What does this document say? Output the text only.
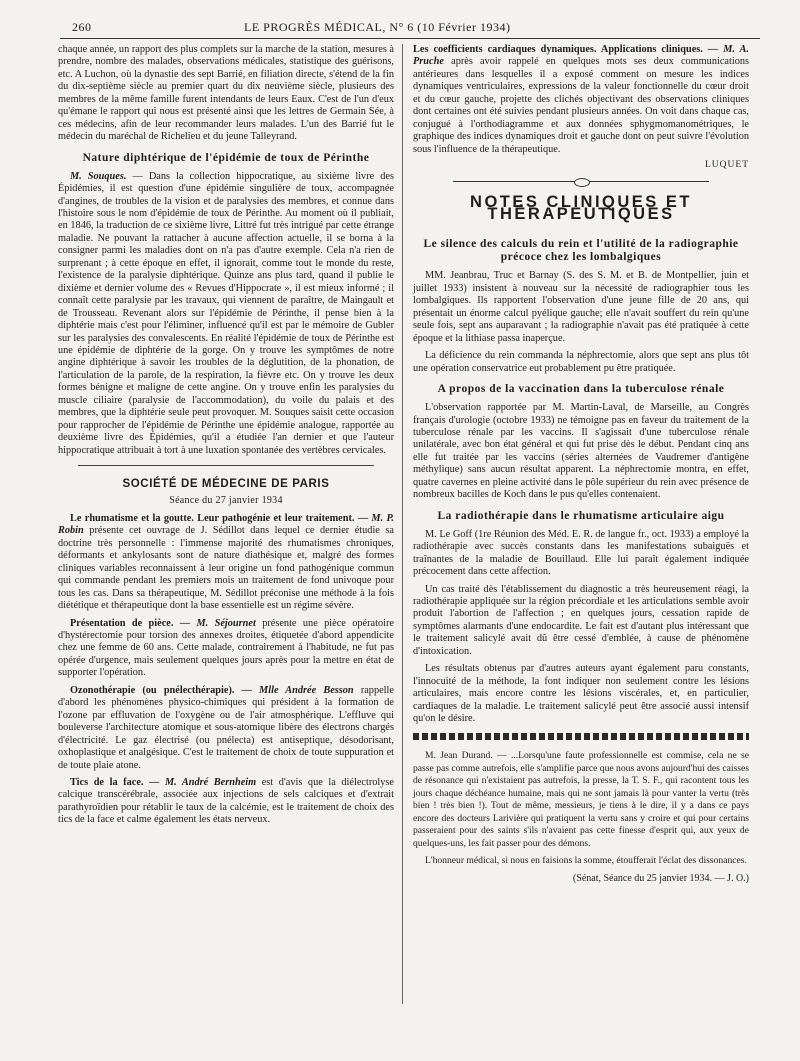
260	LE PROGRÈS MÉDICAL, N° 6 (10 Février 1934)

chaque année, un rapport des plus complets sur la marche de la station, mesures à prendre, nombre des malades, observations médicales, statistique des guérisons, etc. A Luchon, où la dynastie des sept Barrié, en filiation directe, s'étend de la fin du dix-septième siècle au premier quart du dix neuvième siècle, plusieurs des membres de la même famille furent intendants de leurs Eaux. C'est de l'un d'eux qu'émane le rapport qui nous est présenté ainsi que les lettres de Germain Sée, à ces médecins, afin de leur recommander leurs malades. L'un des Barrié fut le médecin du maréchal de Richelieu et du jeune Talleyrand.

Nature diphtérique de l'épidémie de toux de Périnthe

M. Souques. — Dans la collection hippocratique, au sixième livre des Épidémies, il est question d'une épidémie singulière de toux, accompagnée d'angines, de troubles de la vision et de paralysies des membres, et connue dans l'histoire sous le nom d'épidémie de toux de Périnthe. Au moment où il publiait, en 1846, la traduction de ce sixième livre, Littré fut très intrigué par cette étrange maladie. Ne pouvant la rattacher à aucune affection actuelle, il se borna à la consigner parmi les maladies dont on n'a pas d'autre exemple. Cela n'a rien de surprenant ; à cette époque en effet, il ignorait, comme tout le monde du reste, l'existence de la paralysie diphtérique. Quinze ans plus tard, quand il publie le dixième et dernier volume des « Revues d'Hippocrate », il est mieux informé ; il connaît cette paralysie par les travaux, qui viennent de paraître, de Maingault et de Trousseau. Revenant alors sur l'épidémie de Périnthe, il pense bien à la diphtérie mais c'est pour l'éliminer, influencé qu'il est par le mémoire de Gubler sur les paralysies des convalescents. En réalité l'épidémie de toux de Périnthe est une épidémie de diphtérie de la gorge. On y trouve les symptômes de notre angine diphtérique à savoir les troubles de la déglutition, de la phonation, de l'articulation de la parole, de la respiration, la fièvre etc. On y trouve les deux formes bénigne et maligne de cette angine. On y trouve enfin les paralysies du muscle ciliaire (paralysie de l'accommodation), du voile du palais et des membres, que la diphtérie seule peut provoquer. M. Souques saisit cette occasion pour rapprocher de l'épidémie de Périnthe une épidémie analogue, rapportée au deuxième livre des Épidémies, qu'il a étudiée l'an dernier et que l'auteur hippocratique attribuait à tort à une luxation spontanée des vertèbres cervicales.

SOCIÉTÉ DE MÉDECINE DE PARIS
Séance du 27 janvier 1934

Le rhumatisme et la goutte. Leur pathogénie et leur traitement. — M. P. Robin présente cet ouvrage de J. Sédillot dans lequel ce dernier étudie sa doctrine très personnelle : l'immense majorité des rhumatismes chroniques, déformants et ankylosants sont de nature diathésique et, malgré des formes cliniques variables reconnaissent à leur origine un fond pathogénique commun qui commande pendant les premiers mois un traitement de fond univoque pour tous les cas. Dans sa thérapeutique, M. Sédillot préconise une méthode à la fois diététique et thérapeutique dont la base essentielle est un régime sévère.

Présentation de pièce. — M. Séjournet présente une pièce opératoire d'hystérectomie pour torsion des annexes droites, étiquetée d'abord appendicite chez une femme de 60 ans. Cette malade, contrairement à l'habitude, ne fut pas opérée d'urgence, mais seulement quelques jours après pour la mettre en état de supporter l'opération.

Ozonothérapie (ou pnélecthérapie). — Mlle Andrée Besson rappelle d'abord les phénomènes physico-chimiques qui président à la formation de l'ozone par effluvation de l'oxygène ou de l'air atmosphérique. L'effluve qui bouleverse l'architecture atomique et sous-atomique libère des électrons chargés d'électricité. Le gaz électrisé (ou pnélecta) est antiseptique, désodorisant, oxhoplastique et analgésique. C'est le traitement de choix de toute suppuration et de toute plaie atone.

Tics de la face. — M. André Bernheim est d'avis que la diélectrolyse calcique transcérébrale, associée aux injections de sels calciques et d'extrait parathyroïdien pour rétablir le taux de la calcémie, est le traitement de choix des tics de la face et calme également les états nerveux.

Les coefficients cardiaques dynamiques. Applications cliniques. — M. A. Pruche après avoir rappelé en quelques mots ses deux communications antérieures dans lesquelles il a exposé comment on mesure les indices dynamiques ventriculaires, expressions de la valeur fonctionnelle du cœur droit et du cœur gauche, projette des clichés objectivant des observations cliniques dont certaines ont été suivies pendant plusieurs années. On voit dans chaque cas, conjugué à l'orthodiagramme et aux données sphygmomanométriques, le graphique des indices dynamiques droit et gauche dont on peut suivre l'évolution sous l'influence de la thérapeutique.

LUQUET
NOTES CLINIQUES ET THÉRAPEUTIQUES
Le silence des calculs du rein et l'utilité de la radiographie précoce chez les lombalgiques

MM. Jeanbrau, Truc et Barnay (S. des S. M. et B. de Montpellier, juin et juillet 1933) insistent à nouveau sur la nécessité de radiographier tous les lombalgiques. Ils rapportent l'observation d'une jeune fille de 20 ans, qui présentait un énorme calcul pyélique gauche; elle n'avait souffert du rein qu'une seule fois, sept ans auparavant ; la radiographie n'avait pas été pratiquée à cette époque et la lithiase passa inaperçue.

La déficience du rein commanda la néphrectomie, alors que sept ans plus tôt une opération conservatrice eut probablement pu être pratiquée.

A propos de la vaccination dans la tuberculose rénale

L'observation rapportée par M. Martin-Laval, de Marseille, au Congrès français d'urologie (octobre 1933) ne témoigne pas en faveur du traitement de la tuberculose rénale par les vaccins. Il s'agissait d'une tuberculose rénale unilatérale, avec bon état général et qui fut prise dès le début. Pendant cinq ans elle fut traitée par les vaccins (séries alternées de Vaudremer d'antigène méthylique) sans aucun résultat apparent. La néphrectomie montra, en effet, quatre cavernes en pleine activité dans le pôle supérieur du rein avec présence de nombreux bacilles de Koch dans le pus qu'elles contenaient.

La radiothérapie dans le rhumatisme articulaire aigu

M. Le Goff (1re Réunion des Méd. E. R. de langue fr., oct. 1933) a employé la radiothérapie avec succès constants dans les manifestations subaiguës et traînantes de la maladie de Bouillaud. Elle lui paraît également indiquée précocement dans cette affection.

Un cas traité dès l'établissement du diagnostic a très heureusement réagi, la radiothérapie appliquée sur la région précordiale et les articulations semble avoir produit l'abortion de l'affection ; en quelques jours, cessation rapide de symptômes alarmants d'une endocardite. Le fait est d'autant plus intéressant que le traitement salicylé avait dû être cessé d'emblée, à cause de phénomène d'intoxication.

Les résultats obtenus par d'autres auteurs ayant également paru constants, l'innocuité de la méthode, la font indiquer non seulement contre les lésions articulaires, mais encore contre les lésions viscérales, et, en particulier, cardiaques de la maladie. Le traitement salicylé peut être associé aussi intensif qu'on le désire.

M. Jean Durand. — ...Lorsqu'une faute professionnelle est commise, cela ne se passe pas comme autrefois, elle s'amplifie parce que nous avons aujourd'hui des caisses de résonance qui n'existaient pas autrefois, la presse, la T. S. F., qui racontent tous les jours chaque déchéance humaine, mais qui ne sont jamais là pour vanter la vertu (très bien ! très bien !). Tout de même, messieurs, je tiens à le dire, il y a dans ce pays encore des docteurs Larivière qui pratiquent la vertu sans y croire et qui pour certains passeraient pour des saints s'ils n'avaient pas cette finesse d'esprit qui, aux yeux de quelques-uns, les fait passer pour des démons.

L'honneur médical, si nous en faisions la somme, étoufferait l'éclat des dissonances.

(Sénat, Séance du 25 janvier 1934. — J. O.)
